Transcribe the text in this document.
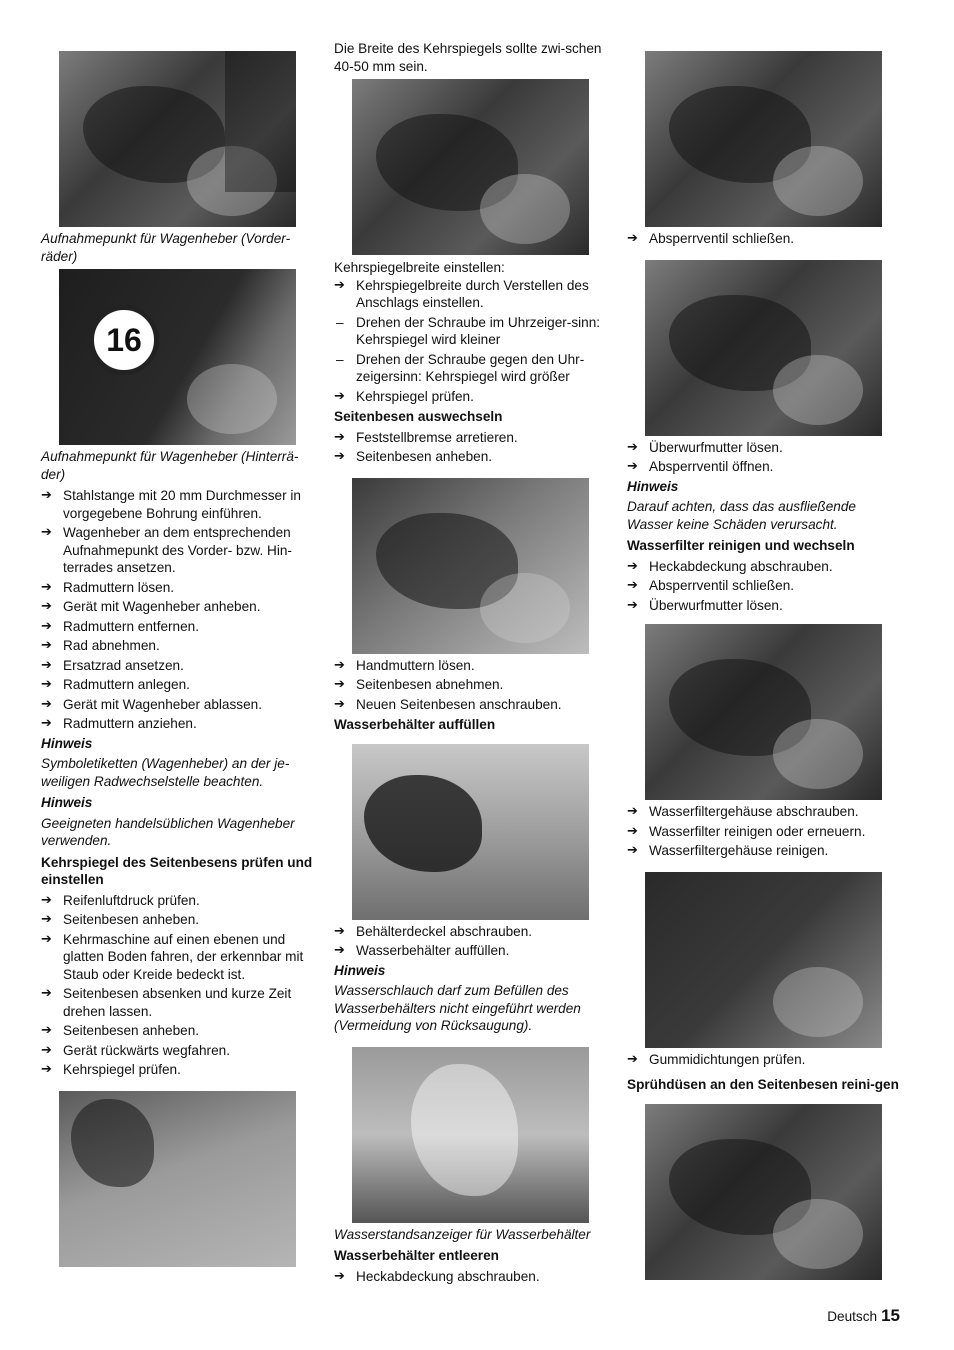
Aufnahmepunkt für Wagenheber (Vorder-räder)

16

Aufnahmepunkt für Wagenheber (Hinterrä-der)

➔ Stahlstange mit 20 mm Durchmesser in vorgegebene Bohrung einführen.
➔ Wagenheber an dem entsprechenden Aufnahmepunkt des Vorder- bzw. Hin-terrades ansetzen.
➔ Radmuttern lösen.
➔ Gerät mit Wagenheber anheben.
➔ Radmuttern entfernen.
➔ Rad abnehmen.
➔ Ersatzrad ansetzen.
➔ Radmuttern anlegen.
➔ Gerät mit Wagenheber ablassen.
➔ Radmuttern anziehen.

Hinweis

Symboletiketten (Wagenheber) an der je-weiligen Radwechselstelle beachten.

Hinweis

Geeigneten handelsüblichen Wagenheber verwenden.

Kehrspiegel des Seitenbesens prüfen und einstellen

➔ Reifenluftdruck prüfen.
➔ Seitenbesen anheben.
➔ Kehrmaschine auf einen ebenen und glatten Boden fahren, der erkennbar mit Staub oder Kreide bedeckt ist.
➔ Seitenbesen absenken und kurze Zeit drehen lassen.
➔ Seitenbesen anheben.
➔ Gerät rückwärts wegfahren.
➔ Kehrspiegel prüfen.

Die Breite des Kehrspiegels sollte zwi-schen 40-50 mm sein.

Kehrspiegelbreite einstellen:

➔ Kehrspiegelbreite durch Verstellen des Anschlags einstellen.
– Drehen der Schraube im Uhrzeiger-sinn: Kehrspiegel wird kleiner
– Drehen der Schraube gegen den Uhr-zeigersinn: Kehrspiegel wird größer
➔ Kehrspiegel prüfen.

Seitenbesen auswechseln

➔ Feststellbremse arretieren.
➔ Seitenbesen anheben.
➔ Handmuttern lösen.
➔ Seitenbesen abnehmen.
➔ Neuen Seitenbesen anschrauben.

Wasserbehälter auffüllen

➔ Behälterdeckel abschrauben.
➔ Wasserbehälter auffüllen.

Hinweis

Wasserschlauch darf zum Befüllen des Wasserbehälters nicht eingeführt werden (Vermeidung von Rücksaugung).

Wasserstandsanzeiger für Wasserbehälter

Wasserbehälter entleeren

➔ Heckabdeckung abschrauben.
➔ Absperrventil schließen.
➔ Überwurfmutter lösen.
➔ Absperrventil öffnen.

Hinweis

Darauf achten, dass das ausfließende Wasser keine Schäden verursacht.

Wasserfilter reinigen und wechseln

➔ Heckabdeckung abschrauben.
➔ Absperrventil schließen.
➔ Überwurfmutter lösen.
➔ Wasserfiltergehäuse abschrauben.
➔ Wasserfilter reinigen oder erneuern.
➔ Wasserfiltergehäuse reinigen.
➔ Gummidichtungen prüfen.

Sprühdüsen an den Seitenbesen reini-gen

Deutsch 15
